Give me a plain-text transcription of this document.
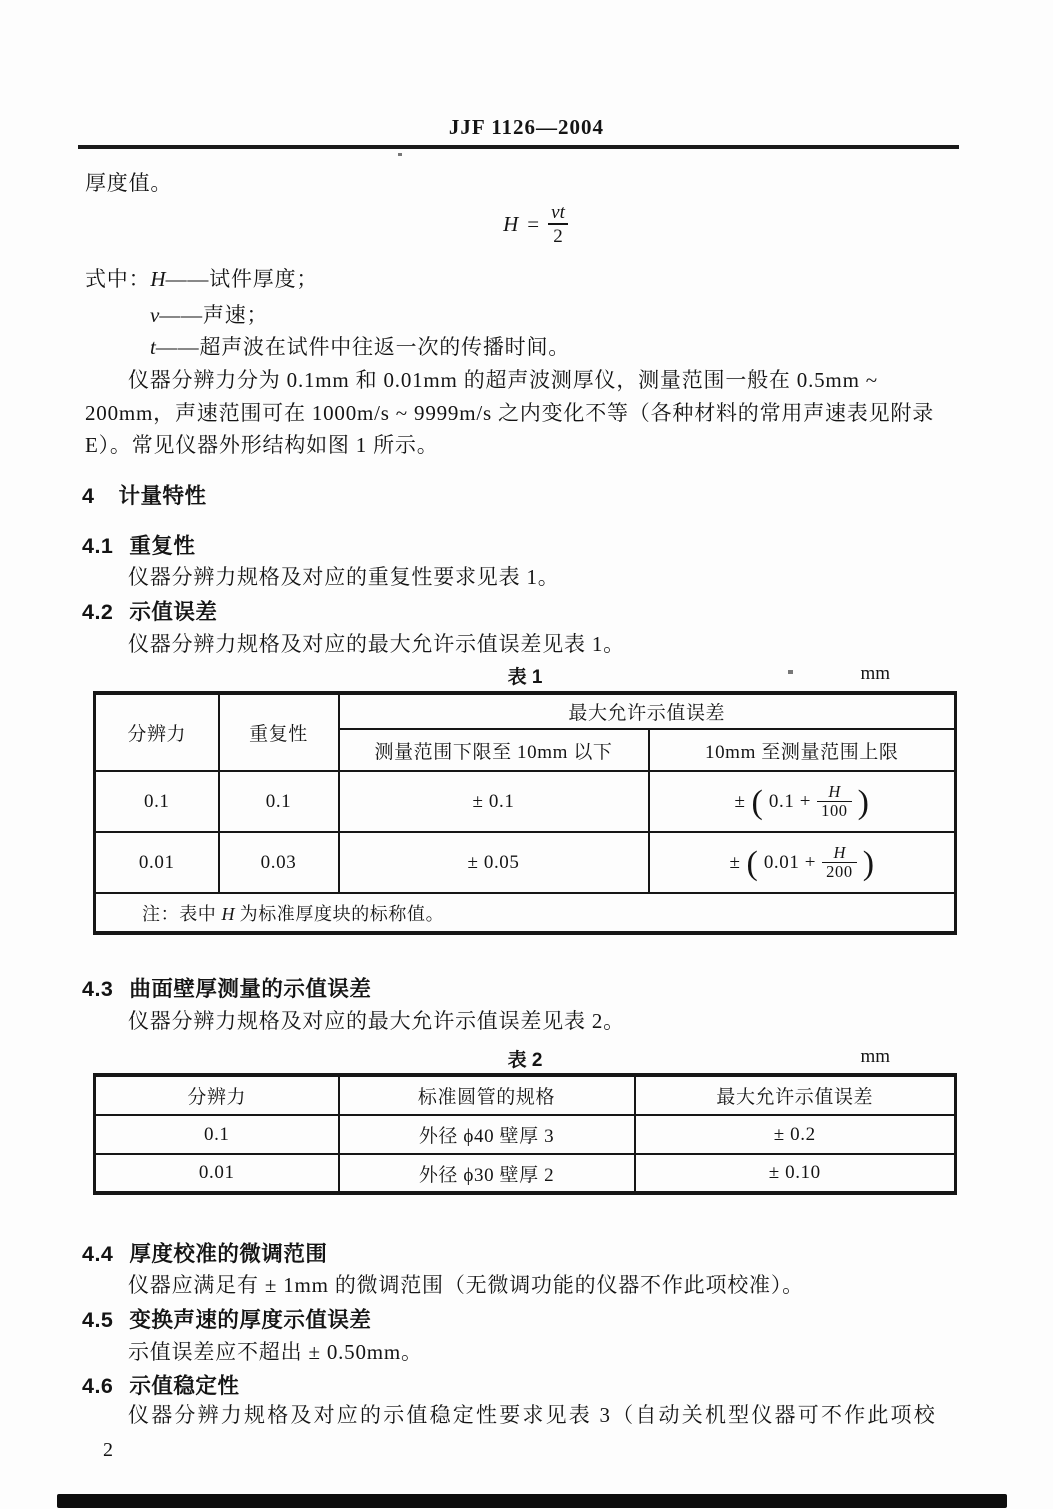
JJF 1126—2004
厚度值。
$H = \frac{vt}{2}$
式中：H——试件厚度；
v——声速；
t——超声波在试件中往返一次的传播时间。
仪器分辨力分为 0.1mm 和 0.01mm 的超声波测厚仪，测量范围一般在 0.5mm ~
200mm，声速范围可在 1000m/s ~ 9999m/s 之内变化不等（各种材料的常用声速表见附录
E）。常见仪器外形结构如图 1 所示。
4 计量特性
4.1 重复性
仪器分辨力规格及对应的重复性要求见表 1。
4.2 示值误差
仪器分辨力规格及对应的最大允许示值误差见表 1。
表 1	mm
分辨力	重复性	最大允许示值误差	
		测量范围下限至 10mm 以下	10mm 至测量范围上限
0.1	0.1	± 0.1	± ( $0.1 + \frac{H}{100}$ )

0.01	0.03	± 0.05	± ( $0.01 + \frac{H}{200}$ )

注：表中 H 为标准厚度块的标称值。			
4.3 曲面壁厚测量的示值误差
仪器分辨力规格及对应的最大允许示值误差见表 2。
表 2	mm
分辨力	标准圆管的规格	最大允许示值误差
0.1	外径 ϕ40 壁厚 3	± 0.2
0.01	外径 ϕ30 壁厚 2	± 0.10
4.4 厚度校准的微调范围
仪器应满足有 ± 1mm 的微调范围（无微调功能的仪器不作此项校准）。
4.5 变换声速的厚度示值误差
示值误差应不超出 ± 0.50mm。
4.6 示值稳定性
仪器分辨力规格及对应的示值稳定性要求见表 3（自动关机型仪器可不作此项校
2
